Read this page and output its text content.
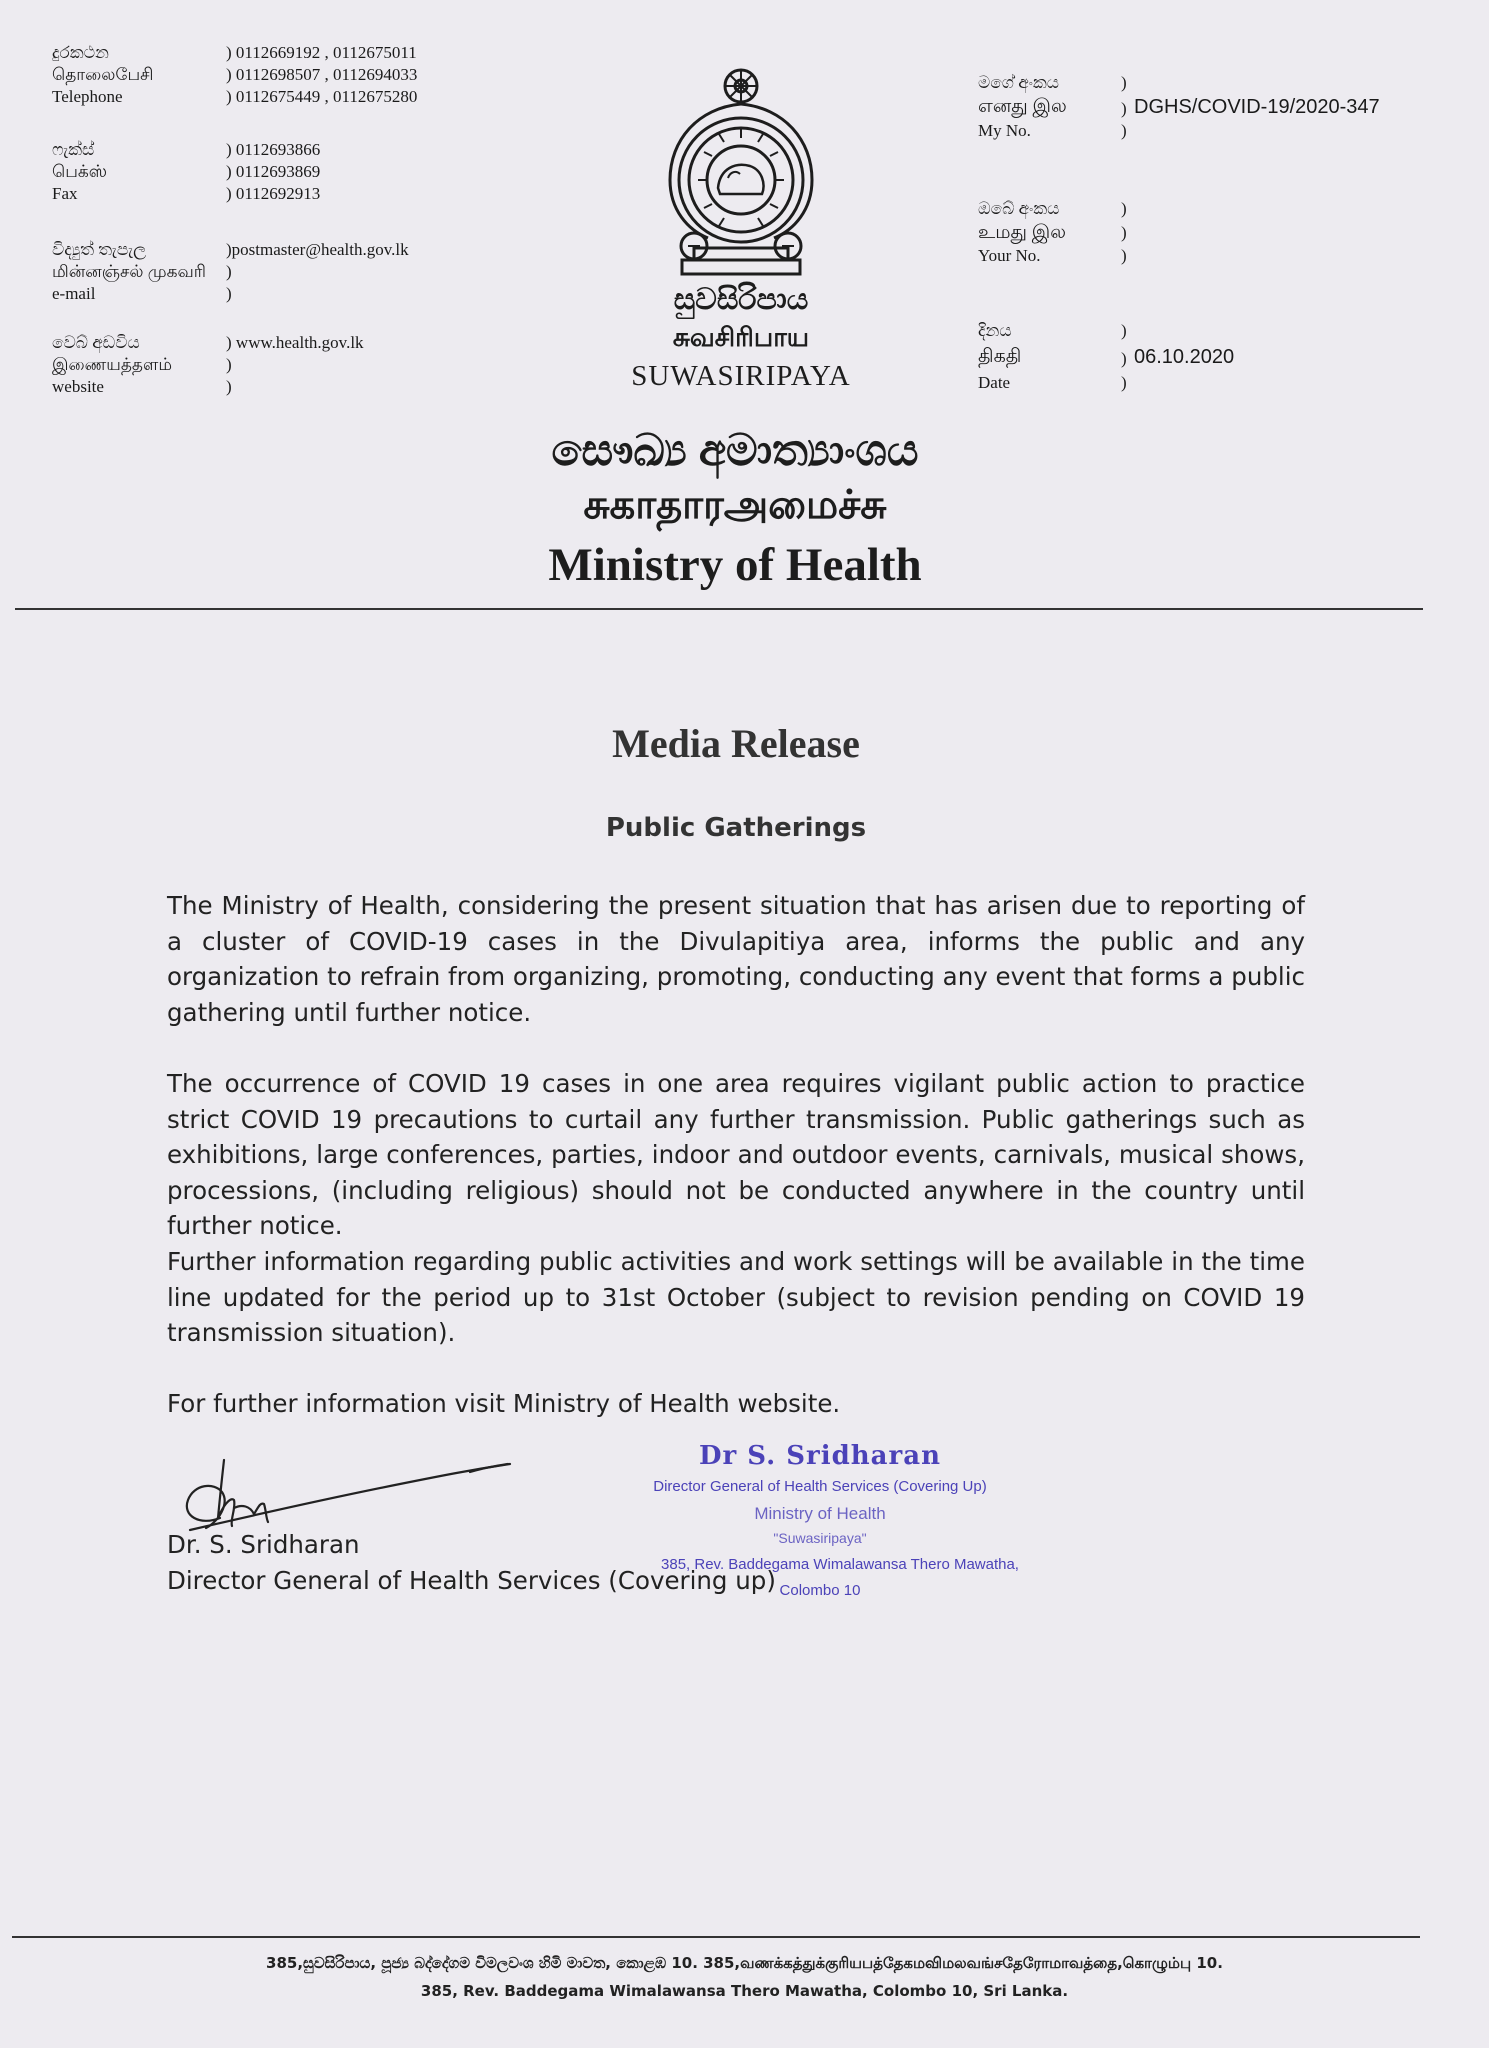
දුරකථන	) 0112669192 , 0112675011
தொலைபேசி	) 0112698507 , 0112694033
Telephone	) 0112675449 , 0112675280
ෆැක්ස්	) 0112693866
பெக்ஸ்	) 0112693869
Fax	) 0112692913
විද්‍යුත් තැපැල	)postmaster@health.gov.lk
மின்னஞ்சல் முகவரி )
e-mail	)
වෙබ් අඩවිය	) www.health.gov.lk
இணையத்தளம்	)
website	)
සුවසිරිපාය
சுவசிரிபாய
SUWASIRIPAYA
මගේ අංකය	)
எனது இல	) DGHS/COVID-19/2020-347
My No.	)
ඔබේ අංකය	)
உமது இல	)
Your No.	)
දිනය	)
திகதி	) 06.10.2020
Date	)
සෞඛ්‍ය අමාත්‍යාංශය
சுகாதாரஅமைச்சு
Ministry of Health
Media Release
Public Gatherings
The Ministry of Health, considering the present situation that has arisen due to reporting of a cluster of COVID-19 cases in the Divulapitiya area, informs the public and any organization to refrain from organizing, promoting, conducting any event that forms a public gathering until further notice.
The occurrence of COVID 19 cases in one area requires vigilant public action to practice strict COVID 19 precautions to curtail any further transmission. Public gatherings such as exhibitions, large conferences, parties, indoor and outdoor events, carnivals, musical shows, processions, (including religious) should not be conducted anywhere in the country until further notice.
Further information regarding public activities and work settings will be available in the time line updated for the period up to 31st October (subject to revision pending on COVID 19 transmission situation).
For further information visit Ministry of Health website.
Dr. S. Sridharan
Director General of Health Services (Covering up)
Dr S. Sridharan
Director General of Health Services (Covering Up)
Ministry of Health
"Suwasiripaya"
385, Rev. Baddegama Wimalawansa Thero Mawatha,
Colombo 10
385,සුවසිරිපාය, පූජ්‍ය බද්දේගම විමලවංශ හිමි මාවත, කොළඹ 10. 385,வணக்கத்துக்குரியபத்தேகமவிமலவங்சதேரோமாவத்தை,கொழும்பு 10.
385, Rev. Baddegama Wimalawansa Thero Mawatha, Colombo 10, Sri Lanka.
